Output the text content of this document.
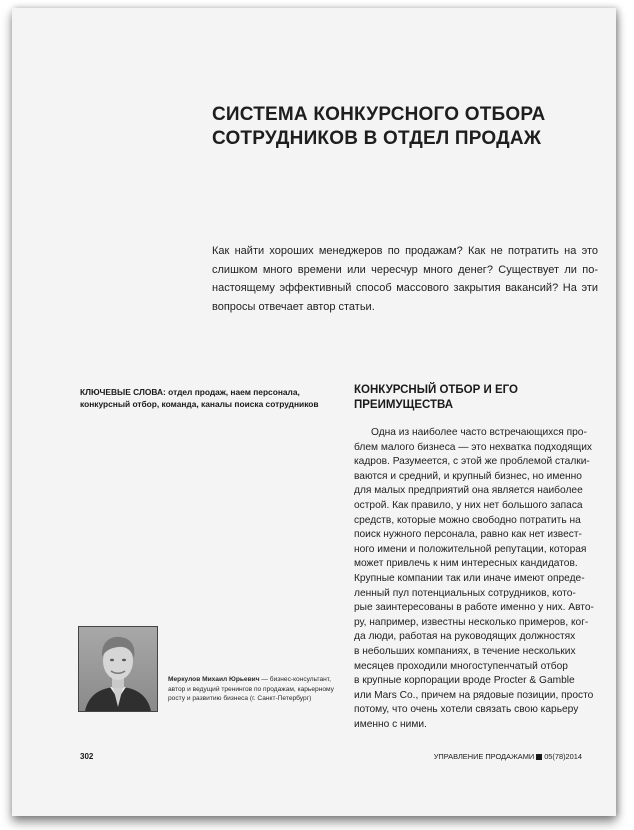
СИСТЕМА КОНКУРСНОГО ОТБОРА
СОТРУДНИКОВ В ОТДЕЛ ПРОДАЖ

Как найти хороших менеджеров по продажам? Как не потратить на это слишком много времени или чересчур много денег? Существует ли по-настоящему эффективный способ массового закрытия вакансий? На эти вопросы отвечает автор статьи.

КЛЮЧЕВЫЕ СЛОВА: отдел продаж, наем персонала, конкурсный отбор, команда, каналы поиска сотрудников
КОНКУРСНЫЙ ОТБОР И ЕГО
ПРЕИМУЩЕСТВА
Одна из наиболее часто встречающихся про-
блем малого бизнеса — это нехватка подходящих
кадров. Разумеется, с этой же проблемой сталки-
ваются и средний, и крупный бизнес, но именно
для малых предприятий она является наиболее
острой. Как правило, у них нет большого запаса
средств, которые можно свободно потратить на
поиск нужного персонала, равно как нет извест-
ного имени и положительной репутации, которая
может привлечь к ним интересных кандидатов.
Крупные компании так или иначе имеют опреде-
ленный пул потенциальных сотрудников, кото-
рые заинтересованы в работе именно у них. Авто-
ру, например, известны несколько примеров, ког-
да люди, работая на руководящих должностях
в небольших компаниях, в течение нескольких
месяцев проходили многоступенчатый отбор
в крупные корпорации вроде Procter & Gamble
или Mars Co., причем на рядовые позиции, просто
потому, что очень хотели связать свою карьеру
именно с ними.
Меркулов Михаил Юрьевич — бизнес-консультант, автор и ведущий тренингов по продажам, карьерному росту и развитию бизнеса (г. Санкт-Петербург)
302	УПРАВЛЕНИЕ ПРОДАЖАМИ 05(78)2014
